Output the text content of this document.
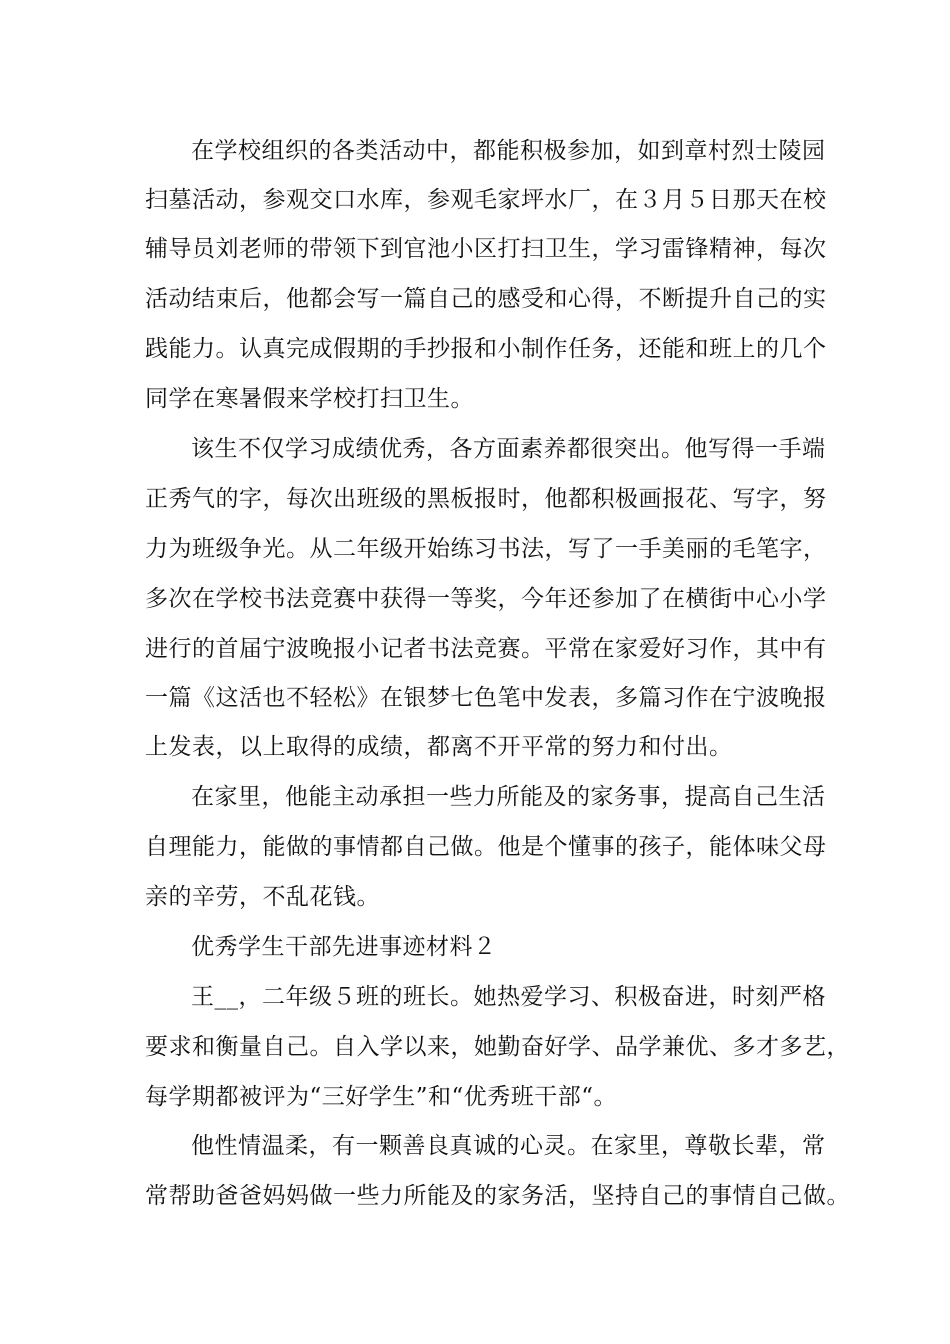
在学校组织的各类活动中，都能积极参加，如到章村烈士陵园
扫墓活动，参观交口水库，参观毛家坪水厂，在３月５日那天在校
辅导员刘老师的带领下到官池小区打扫卫生，学习雷锋精神，每次
活动结束后，他都会写一篇自己的感受和心得，不断提升自己的实
践能力。认真完成假期的手抄报和小制作任务，还能和班上的几个
同学在寒暑假来学校打扫卫生。
该生不仅学习成绩优秀，各方面素养都很突出。他写得一手端
正秀气的字，每次出班级的黑板报时，他都积极画报花、写字，努
力为班级争光。从二年级开始练习书法，写了一手美丽的毛笔字，
多次在学校书法竞赛中获得一等奖，今年还参加了在横街中心小学
进行的首届宁波晚报小记者书法竞赛。平常在家爱好习作，其中有
一篇《这活也不轻松》在银梦七色笔中发表，多篇习作在宁波晚报
上发表，以上取得的成绩，都离不开平常的努力和付出。
在家里，他能主动承担一些力所能及的家务事，提高自己生活
自理能力，能做的事情都自己做。他是个懂事的孩子，能体味父母
亲的辛劳，不乱花钱。
优秀学生干部先进事迹材料２
王__，二年级５班的班长。她热爱学习、积极奋进，时刻严格
要求和衡量自己。自入学以来，她勤奋好学、品学兼优、多才多艺，
每学期都被评为“三好学生”和“优秀班干部“。
他性情温柔，有一颗善良真诚的心灵。在家里，尊敬长辈，常
常帮助爸爸妈妈做一些力所能及的家务活，坚持自己的事情自己做。
